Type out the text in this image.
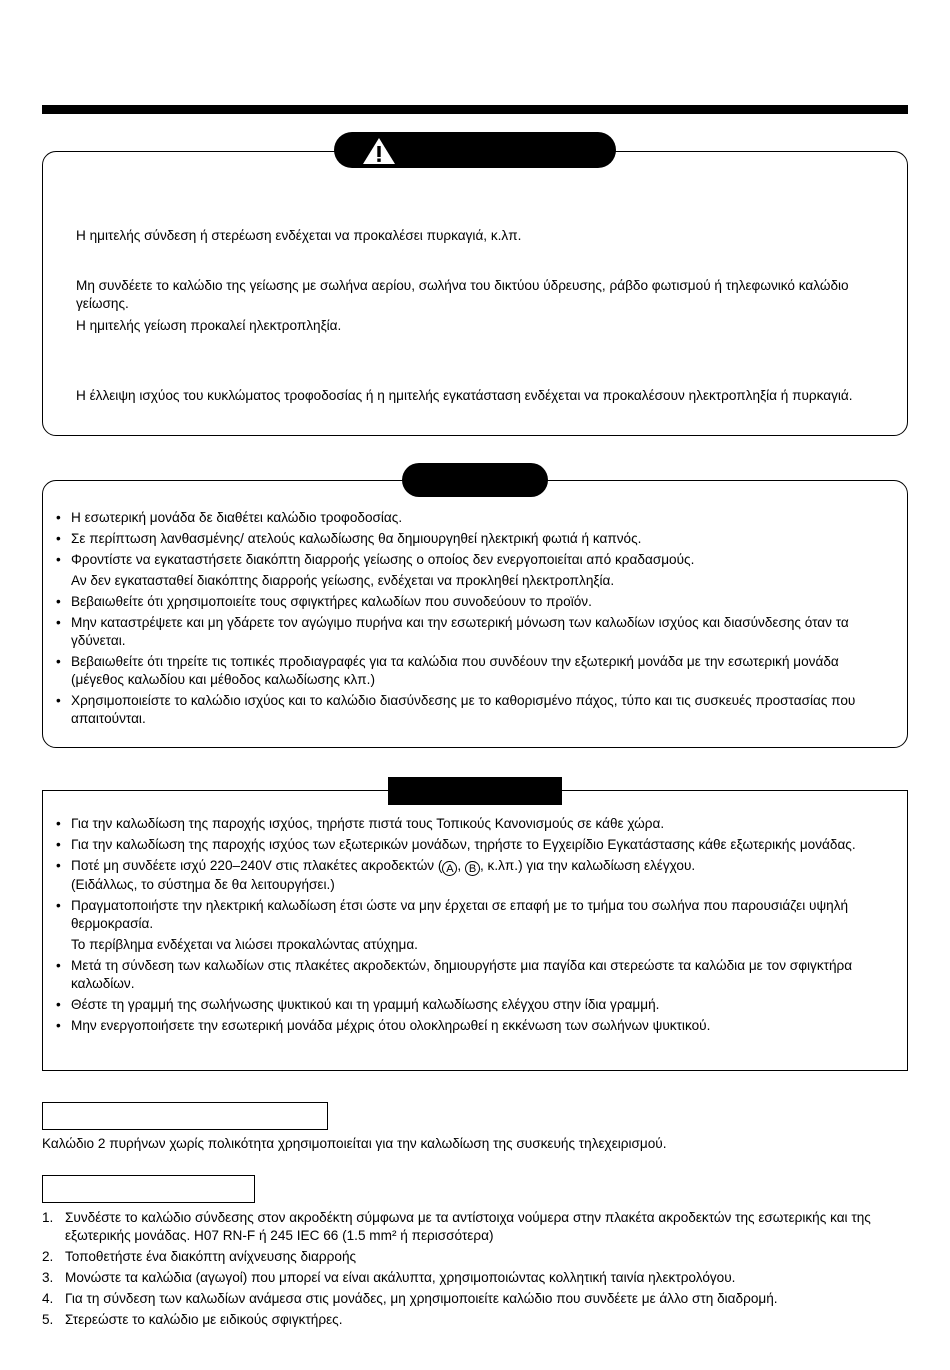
Η ημιτελής σύνδεση ή στερέωση ενδέχεται να προκαλέσει πυρκαγιά, κ.λπ.

Μη συνδέετε το καλώδιο της γείωσης με σωλήνα αερίου, σωλήνα του δικτύου ύδρευσης, ράβδο φωτισμού ή τηλεφωνικό καλώδιο γείωσης.

Η ημιτελής γείωση προκαλεί ηλεκτροπληξία.

Η έλλειψη ισχύος του κυκλώματος τροφοδοσίας ή η ημιτελής εγκατάσταση ενδέχεται να προκαλέσουν ηλεκτροπληξία ή πυρκαγιά.

• Η εσωτερική μονάδα δε διαθέτει καλώδιο τροφοδοσίας.
• Σε περίπτωση λανθασμένης/ ατελούς καλωδίωσης θα δημιουργηθεί ηλεκτρική φωτιά ή καπνός.
• Φροντίστε να εγκαταστήσετε διακόπτη διαρροής γείωσης ο οποίος δεν ενεργοποιείται από κραδασμούς.
Αν δεν εγκατασταθεί διακόπτης διαρροής γείωσης, ενδέχεται να προκληθεί ηλεκτροπληξία.
• Βεβαιωθείτε ότι χρησιμοποιείτε τους σφιγκτήρες καλωδίων που συνοδεύουν το προϊόν.
• Μην καταστρέψετε και μη γδάρετε τον αγώγιμο πυρήνα και την εσωτερική μόνωση των καλωδίων ισχύος και διασύνδεσης όταν τα γδύνεται.
• Βεβαιωθείτε ότι τηρείτε τις τοπικές προδιαγραφές για τα καλώδια που συνδέουν την εξωτερική μονάδα με την εσωτερική μονάδα (μέγεθος καλωδίου και μέθοδος καλωδίωσης κλπ.)
• Χρησιμοποιείστε το καλώδιο ισχύος και το καλώδιο διασύνδεσης με το καθορισμένο πάχος, τύπο και τις συσκευές προστασίας που απαιτούνται.
• Για την καλωδίωση της παροχής ισχύος, τηρήστε πιστά τους Τοπικούς Κανονισμούς σε κάθε χώρα.
• Για την καλωδίωση της παροχής ισχύος των εξωτερικών μονάδων, τηρήστε το Εγχειρίδιο Εγκατάστασης κάθε εξωτερικής μονάδας.
• Ποτέ μη συνδέετε ισχύ 220–240V στις πλακέτες ακροδεκτών ( A , B , κ.λπ.) για την καλωδίωση ελέγχου.
(Ειδάλλως, το σύστημα δε θα λειτουργήσει.)
• Πραγματοποιήστε την ηλεκτρική καλωδίωση έτσι ώστε να μην έρχεται σε επαφή με το τμήμα του σωλήνα που παρουσιάζει υψηλή θερμοκρασία.
Το περίβλημα ενδέχεται να λιώσει προκαλώντας ατύχημα.
• Μετά τη σύνδεση των καλωδίων στις πλακέτες ακροδεκτών, δημιουργήστε μια παγίδα και στερεώστε τα καλώδια με τον σφιγκτήρα καλωδίων.
• Θέστε τη γραμμή της σωλήνωσης ψυκτικού και τη γραμμή καλωδίωσης ελέγχου στην ίδια γραμμή.
• Μην ενεργοποιήσετε την εσωτερική μονάδα μέχρις ότου ολοκληρωθεί η εκκένωση των σωλήνων ψυκτικού.

Καλώδιο 2 πυρήνων χωρίς πολικότητα χρησιμοποιείται για την καλωδίωση της συσκευής τηλεχειρισμού.

1. Συνδέστε το καλώδιο σύνδεσης στον ακροδέκτη σύμφωνα με τα αντίστοιχα νούμερα στην πλακέτα ακροδεκτών της εσωτερικής και της εξωτερικής μονάδας. H07 RN-F ή 245 IEC 66 (1.5 mm² ή περισσότερα)
2. Τοποθετήστε ένα διακόπτη ανίχνευσης διαρροής
3. Μονώστε τα καλώδια (αγωγοί) που μπορεί να είναι ακάλυπτα, χρησιμοποιώντας κολλητική ταινία ηλεκτρολόγου.
4. Για τη σύνδεση των καλωδίων ανάμεσα στις μονάδες, μη χρησιμοποιείτε καλώδιο που συνδέετε με άλλο στη διαδρομή.
5. Στερεώστε το καλώδιο με ειδικούς σφιγκτήρες.
